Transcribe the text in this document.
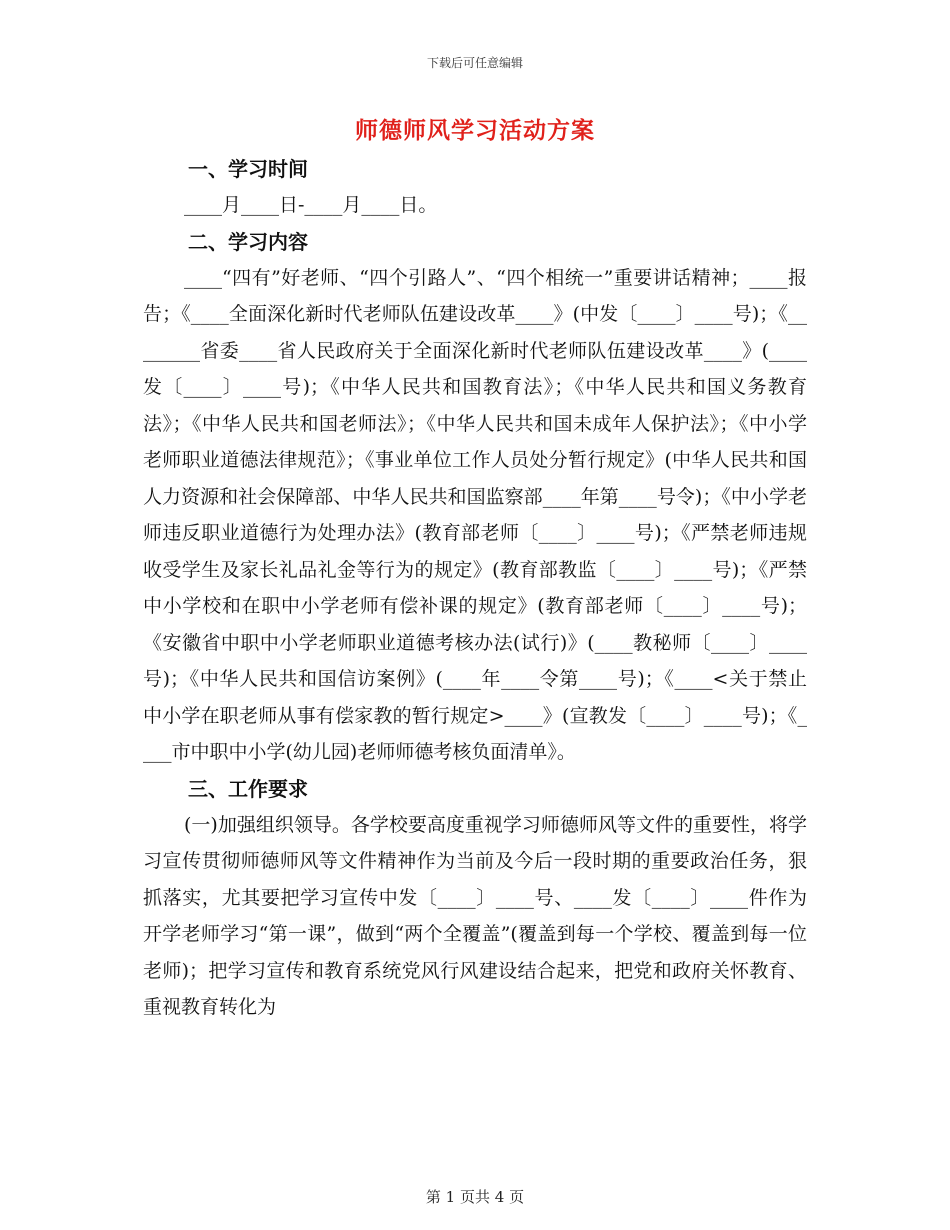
下载后可任意编辑
师德师风学习活动方案
一、学习时间

____月____日-____月____日。

二、学习内容

____“四有”好老师、“四个引路人”、“四个相统一”重要讲话精神；____报告；《____全面深化新时代老师队伍建设改革____》(中发〔____〕____号)；《________省委____省人民政府关于全面深化新时代老师队伍建设改革____》(____发〔____〕____号)；《中华人民共和国教育法》；《中华人民共和国义务教育法》；《中华人民共和国老师法》；《中华人民共和国未成年人保护法》；《中小学老师职业道德法律规范》；《事业单位工作人员处分暂行规定》(中华人民共和国人力资源和社会保障部、中华人民共和国监察部____年第____号令)；《中小学老师违反职业道德行为处理办法》(教育部老师〔____〕____号)；《严禁老师违规收受学生及家长礼品礼金等行为的规定》(教育部教监〔____〕____号)；《严禁中小学校和在职中小学老师有偿补课的规定》(教育部老师〔____〕____号)；《安徽省中职中小学老师职业道德考核办法(试行)》(____教秘师〔____〕____号)；《中华人民共和国信访案例》(____年____令第____号)；《____<关于禁止中小学在职老师从事有偿家教的暂行规定>____》(宣教发〔____〕____号)；《____市中职中小学(幼儿园)老师师德考核负面清单》。

三、工作要求

(一)加强组织领导。各学校要高度重视学习师德师风等文件的重要性，将学习宣传贯彻师德师风等文件精神作为当前及今后一段时期的重要政治任务，狠抓落实，尤其要把学习宣传中发〔____〕____号、____发〔____〕____件作为开学老师学习“第一课”，做到“两个全覆盖”(覆盖到每一个学校、覆盖到每一位老师)；把学习宣传和教育系统党风行风建设结合起来，把党和政府关怀教育、重视教育转化为

第 1 页共 4 页
